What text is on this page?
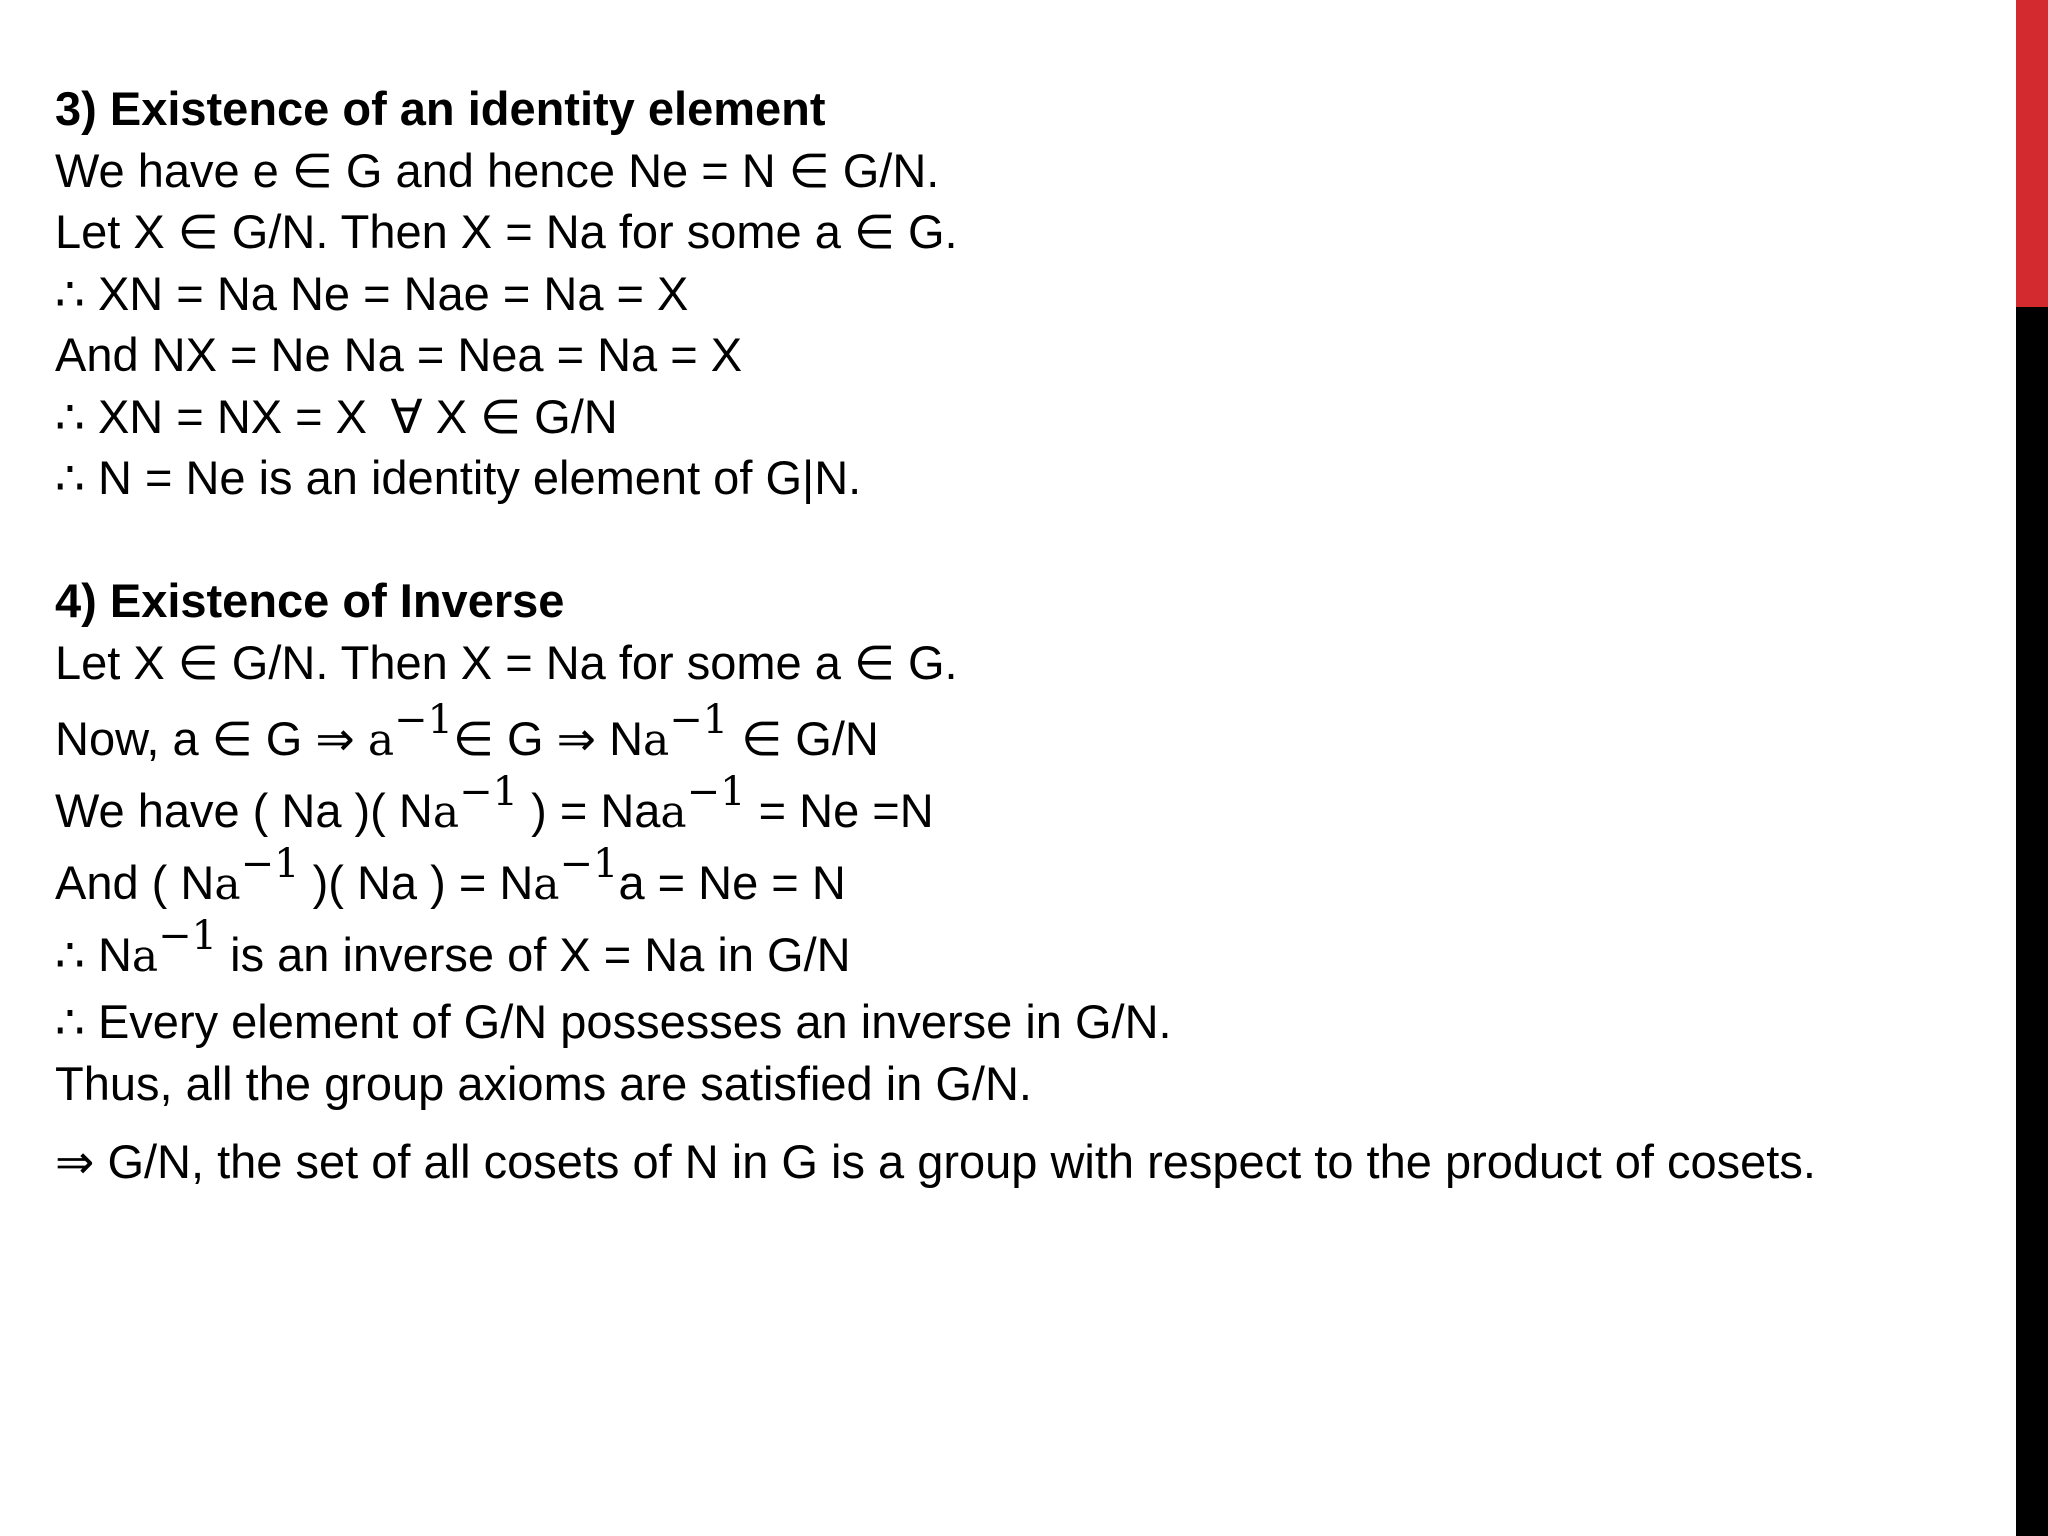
3) Existence of an identity element
We have e ∈ G and hence Ne = N ∈ G/N.
Let X ∈ G/N. Then X = Na for some a ∈ G.
∴ XN = Na Ne = Nae = Na = X
And NX = Ne Na = Nea = Na = X
∴ XN = NX = X ∀ X ∈ G/N
∴ N = Ne is an identity element of G|N.
4) Existence of Inverse
Let X ∈ G/N. Then X = Na for some a ∈ G.
Now, a ∈ G ⇒ $a^{-1}\in$ G ⇒ $Na^{-1}$ ∈ G/N
We have ( Na )( $Na^{-1}$ ) = Naa$^{-1}$ = Ne =N
And ( $Na^{-1}$ )( Na ) = $Na^{-1}a = Ne = N$
∴ $Na^{-1}$ is an inverse of X = Na in G/N
∴ Every element of G/N possesses an inverse in G/N.
Thus, all the group axioms are satisfied in G/N.
⇒ G/N, the set of all cosets of N in G is a group with respect to the product of cosets.
